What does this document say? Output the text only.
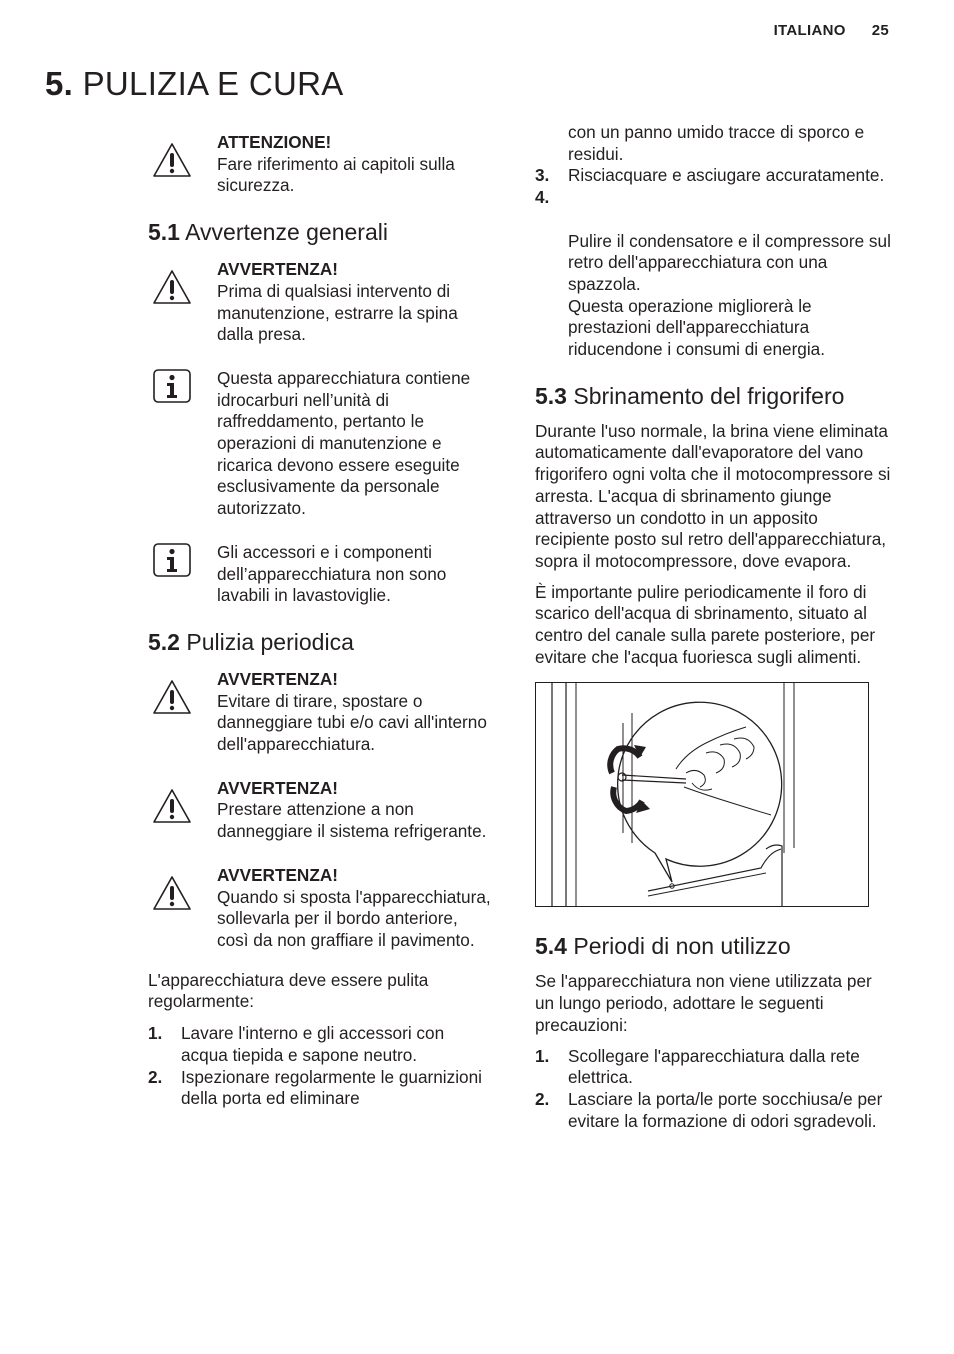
ITALIANO 25
5. PULIZIA E CURA
ATTENZIONE!
Fare riferimento ai capitoli sulla sicurezza.
5.1 Avvertenze generali
AVVERTENZA!
Prima di qualsiasi intervento di manutenzione, estrarre la spina dalla presa.
Questa apparecchiatura contiene idrocarburi nell’unità di raffreddamento, pertanto le operazioni di manutenzione e ricarica devono essere eseguite esclusivamente da personale autorizzato.
Gli accessori e i componenti dell’apparecchiatura non sono lavabili in lavastoviglie.
5.2 Pulizia periodica
AVVERTENZA!
Evitare di tirare, spostare o danneggiare tubi e/o cavi all'interno dell'apparecchiatura.
AVVERTENZA!
Prestare attenzione a non danneggiare il sistema refrigerante.
AVVERTENZA!
Quando si sposta l'apparecchiatura, sollevarla per il bordo anteriore, così da non graffiare il pavimento.

L'apparecchiatura deve essere pulita regolarmente:

1. Lavare l'interno e gli accessori con acqua tiepida e sapone neutro.
2. Ispezionare regolarmente le guarnizioni della porta ed eliminare
con un panno umido tracce di sporco e residui.
3. Risciacquare e asciugare accuratamente.

4.

Pulire il condensatore e il compressore sul retro dell'apparecchiatura con una spazzola.
Questa operazione migliorerà le prestazioni dell'apparecchiatura riducendone i consumi di energia.

5.3 Sbrinamento del frigorifero

Durante l'uso normale, la brina viene eliminata automaticamente dall'evaporatore del vano frigorifero ogni volta che il motocompressore si arresta. L'acqua di sbrinamento giunge attraverso un condotto in un apposito recipiente posto sul retro dell'apparecchiatura, sopra il motocompressore, dove evapora.

È importante pulire periodicamente il foro di scarico dell'acqua di sbrinamento, situato al centro del canale sulla parete posteriore, per evitare che l'acqua fuoriesca sugli alimenti.

5.4 Periodi di non utilizzo

Se l'apparecchiatura non viene utilizzata per un lungo periodo, adottare le seguenti precauzioni:

1. Scollegare l'apparecchiatura dalla rete elettrica.
2. Lasciare la porta/le porte socchiusa/e per evitare la formazione di odori sgradevoli.
